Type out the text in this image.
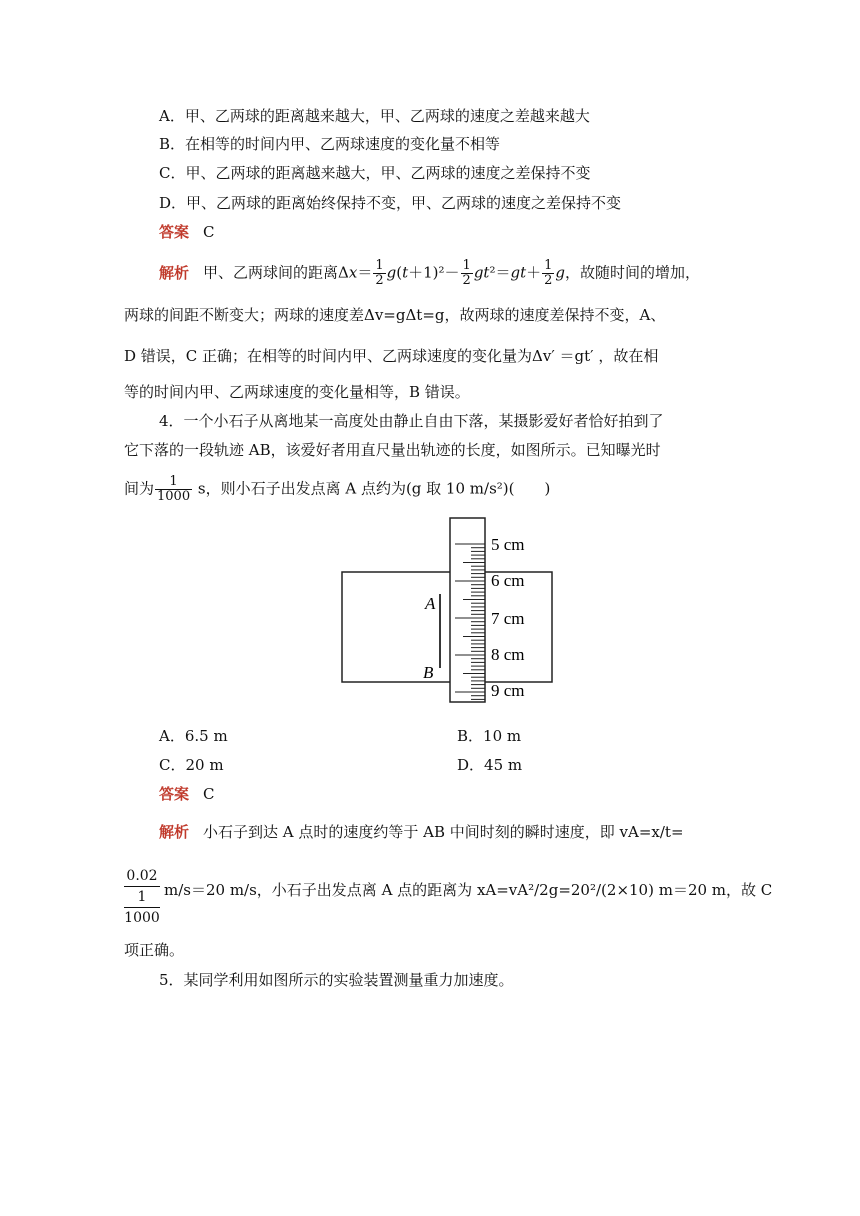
A．甲、乙两球的距离越来越大，甲、乙两球的速度之差越来越大
B．在相等的时间内甲、乙两球速度的变化量不相等
C．甲、乙两球的距离越来越大，甲、乙两球的速度之差保持不变
D．甲、乙两球的距离始终保持不变，甲、乙两球的速度之差保持不变
答案 C
解析 甲、乙两球间的距离$\Delta x= \frac{1}{2} g(t+1)^2- \frac{1}{2} gt^2=gt+ \frac{1}{2}$ g，故随时间的增加，
两球的间距不断变大；两球的速度差Δv=gΔt=g，故两球的速度差保持不变，A、
D 错误，C 正确；在相等的时间内甲、乙两球速度的变化量为Δv′ ＝gt′ ，故在相
等的时间内甲、乙两球速度的变化量相等，B 错误。
4．一个小石子从离地某一高度处由静止自由下落，某摄影爱好者恰好拍到了
它下落的一段轨迹 AB，该爱好者用直尺量出轨迹的长度，如图所示。已知曝光时
间为 $\frac{1}{1000}$ s，则小石子出发点离 A 点约为(g 取 10 m/s²)(　　)
A
B
5 cm
6 cm
7 cm
8 cm
9 cm
A．6.5 m	B．10 m
C．20 m	D．45 m
答案 C
解析 小石子到达 A 点时的速度约等于 AB 中间时刻的瞬时速度，即 vA=x/t=
0.02
1
1000
m/s＝20 m/s，小石子出发点离 A 点的距离为 xA=vA²/2g=20²/(2×10) m＝20 m，故 C
项正确。
5．某同学利用如图所示的实验装置测量重力加速度。
